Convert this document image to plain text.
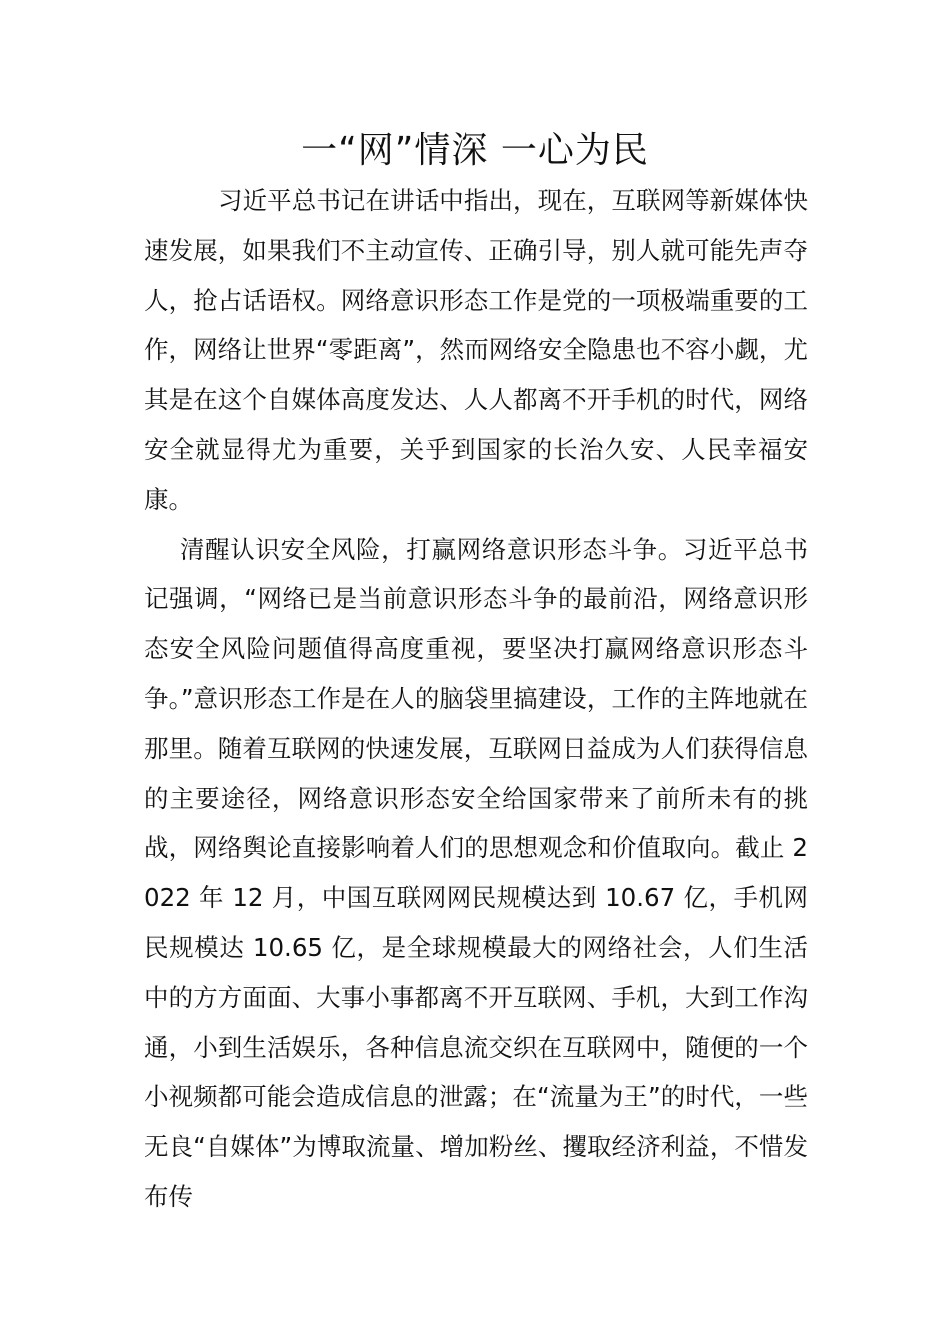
一“网”情深 一心为民

习近平总书记在讲话中指出，现在，互联网等新媒体快速发展，如果我们不主动宣传、正确引导，别人就可能先声夺人，抢占话语权。网络意识形态工作是党的一项极端重要的工作，网络让世界“零距离”，然而网络安全隐患也不容小觑，尤其是在这个自媒体高度发达、人人都离不开手机的时代，网络安全就显得尤为重要，关乎到国家的长治久安、人民幸福安康。

清醒认识安全风险，打赢网络意识形态斗争。习近平总书记强调，“网络已是当前意识形态斗争的最前沿，网络意识形态安全风险问题值得高度重视，要坚决打赢网络意识形态斗争。”意识形态工作是在人的脑袋里搞建设，工作的主阵地就在那里。随着互联网的快速发展，互联网日益成为人们获得信息的主要途径，网络意识形态安全给国家带来了前所未有的挑战，网络舆论直接影响着人们的思想观念和价值取向。截止 2022 年 12 月，中国互联网网民规模达到 10.67 亿，手机网民规模达 10.65 亿，是全球规模最大的网络社会，人们生活中的方方面面、大事小事都离不开互联网、手机，大到工作沟通，小到生活娱乐，各种信息流交织在互联网中，随便的一个小视频都可能会造成信息的泄露；在“流量为王”的时代，一些无良“自媒体”为博取流量、增加粉丝、攫取经济利益，不惜发布传
